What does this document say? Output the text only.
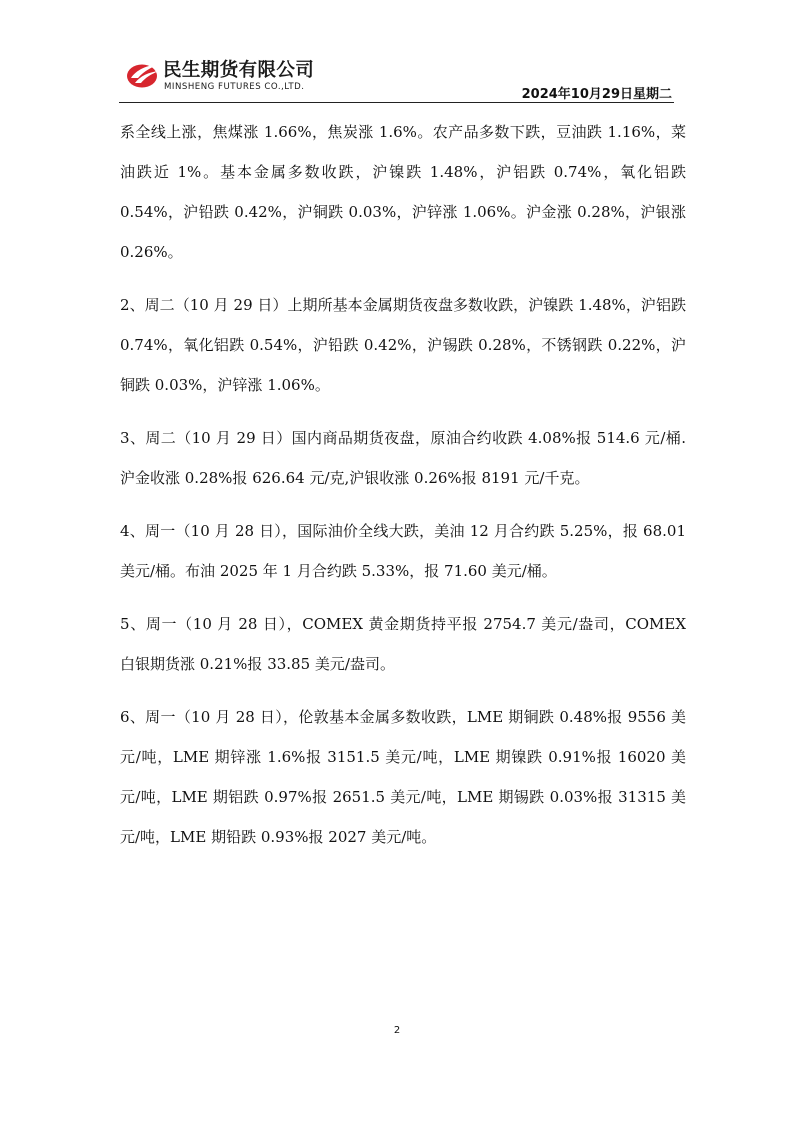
民生期货有限公司
MINSHENG FUTURES CO.,LTD.	2024年10月29日星期二

系全线上涨，焦煤涨 1.66%，焦炭涨 1.6%。农产品多数下跌，豆油跌 1.16%，菜油跌近 1%。基本金属多数收跌，沪镍跌 1.48%，沪铝跌 0.74%，氧化铝跌 0.54%，沪铅跌 0.42%，沪铜跌 0.03%，沪锌涨 1.06%。沪金涨 0.28%，沪银涨 0.26%。

2、周二（10 月 29 日）上期所基本金属期货夜盘多数收跌，沪镍跌 1.48%，沪铝跌 0.74%，氧化铝跌 0.54%，沪铅跌 0.42%，沪锡跌 0.28%，不锈钢跌 0.22%，沪铜跌 0.03%，沪锌涨 1.06%。

3、周二（10 月 29 日）国内商品期货夜盘，原油合约收跌 4.08%报 514.6 元/桶.沪金收涨 0.28%报 626.64 元/克,沪银收涨 0.26%报 8191 元/千克。

4、周一（10 月 28 日），国际油价全线大跌，美油 12 月合约跌 5.25%，报 68.01 美元/桶。布油 2025 年 1 月合约跌 5.33%，报 71.60 美元/桶。

5、周一（10 月 28 日），COMEX 黄金期货持平报 2754.7 美元/盎司，COMEX 白银期货涨 0.21%报 33.85 美元/盎司。

6、周一（10 月 28 日），伦敦基本金属多数收跌，LME 期铜跌 0.48%报 9556 美元/吨，LME 期锌涨 1.6%报 3151.5 美元/吨，LME 期镍跌 0.91%报 16020 美元/吨，LME 期铝跌 0.97%报 2651.5 美元/吨，LME 期锡跌 0.03%报 31315 美元/吨，LME 期铅跌 0.93%报 2027 美元/吨。

2
